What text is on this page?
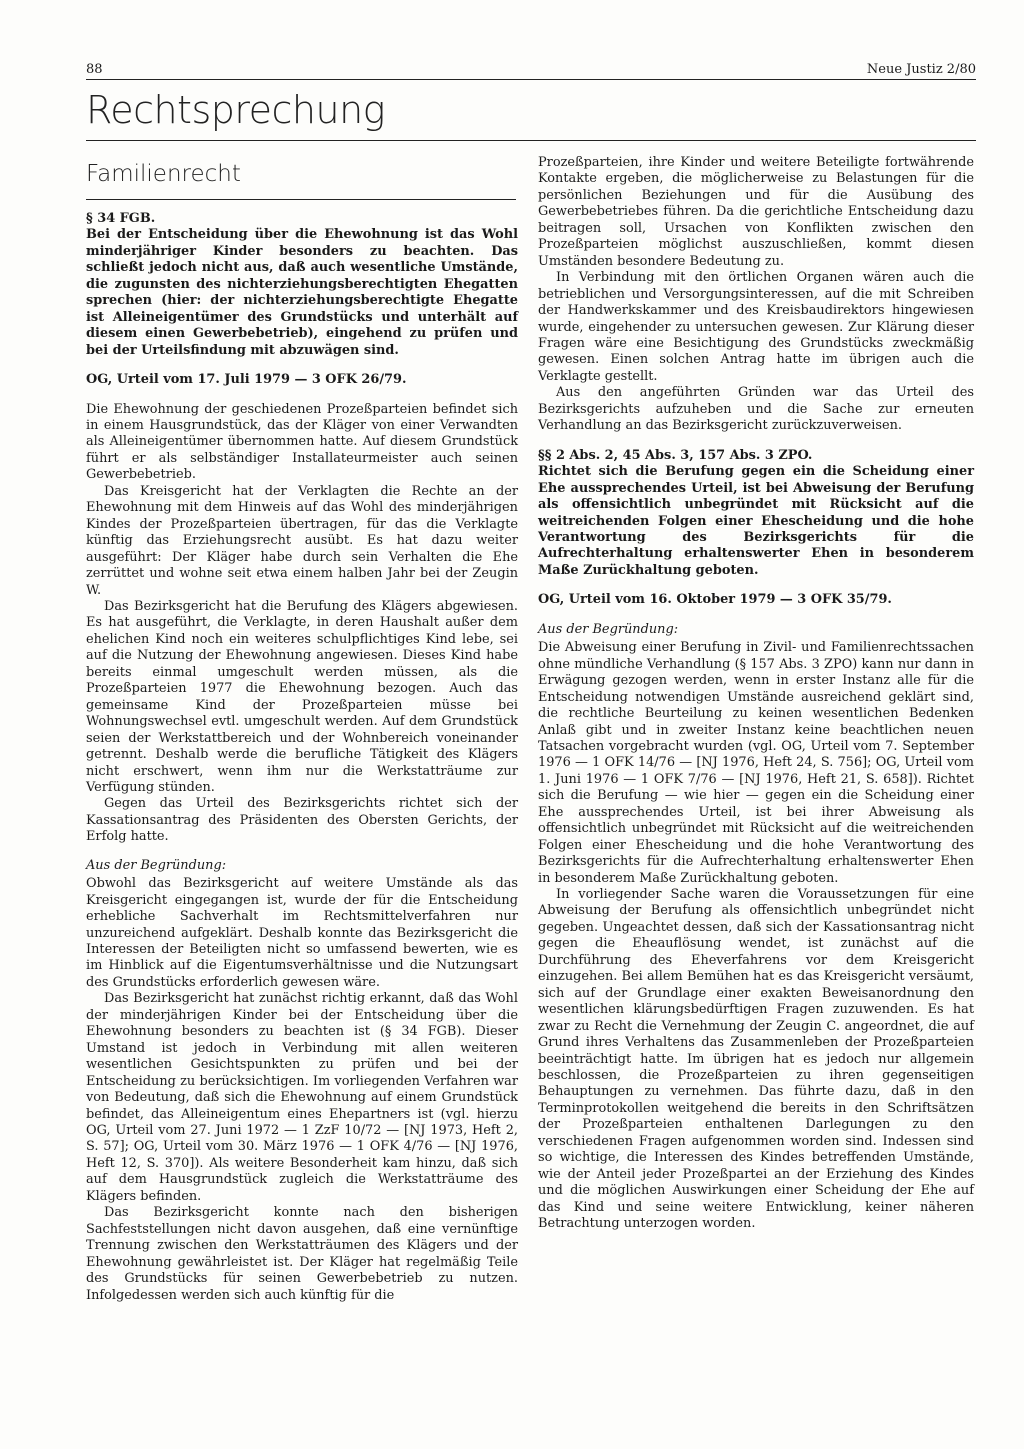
88	Neue Justiz 2/80
Rechtsprechung
Familienrecht

§ 34 FGB.

Bei der Entscheidung über die Ehewohnung ist das Wohl minderjähriger Kinder besonders zu beachten. Das schließt jedoch nicht aus, daß auch wesentliche Umstände, die zugunsten des nichterziehungsberechtigten Ehegatten sprechen (hier: der nichterziehungsberechtigte Ehegatte ist Alleineigentümer des Grundstücks und unterhält auf diesem einen Gewerbebetrieb), eingehend zu prüfen und bei der Urteilsfindung mit abzuwägen sind.

OG, Urteil vom 17. Juli 1979 — 3 OFK 26/79.

Die Ehewohnung der geschiedenen Prozeßparteien befindet sich in einem Hausgrundstück, das der Kläger von einer Verwandten als Alleineigentümer übernommen hatte. Auf diesem Grundstück führt er als selbständiger Installateurmeister auch seinen Gewerbebetrieb.

Das Kreisgericht hat der Verklagten die Rechte an der Ehewohnung mit dem Hinweis auf das Wohl des minderjährigen Kindes der Prozeßparteien übertragen, für das die Verklagte künftig das Erziehungsrecht ausübt. Es hat dazu weiter ausgeführt: Der Kläger habe durch sein Verhalten die Ehe zerrüttet und wohne seit etwa einem halben Jahr bei der Zeugin W.

Das Bezirksgericht hat die Berufung des Klägers abgewiesen. Es hat ausgeführt, die Verklagte, in deren Haushalt außer dem ehelichen Kind noch ein weiteres schulpflichtiges Kind lebe, sei auf die Nutzung der Ehewohnung angewiesen. Dieses Kind habe bereits einmal umgeschult werden müssen, als die Prozeßparteien 1977 die Ehewohnung bezogen. Auch das gemeinsame Kind der Prozeßparteien müsse bei Wohnungswechsel evtl. umgeschult werden. Auf dem Grundstück seien der Werkstattbereich und der Wohnbereich voneinander getrennt. Deshalb werde die berufliche Tätigkeit des Klägers nicht erschwert, wenn ihm nur die Werkstatträume zur Verfügung stünden.

Gegen das Urteil des Bezirksgerichts richtet sich der Kassationsantrag des Präsidenten des Obersten Gerichts, der Erfolg hatte.

Aus der Begründung:

Obwohl das Bezirksgericht auf weitere Umstände als das Kreisgericht eingegangen ist, wurde der für die Entscheidung erhebliche Sachverhalt im Rechtsmittelverfahren nur unzureichend aufgeklärt. Deshalb konnte das Bezirksgericht die Interessen der Beteiligten nicht so umfassend bewerten, wie es im Hinblick auf die Eigentumsverhältnisse und die Nutzungsart des Grundstücks erforderlich gewesen wäre.

Das Bezirksgericht hat zunächst richtig erkannt, daß das Wohl der minderjährigen Kinder bei der Entscheidung über die Ehewohnung besonders zu beachten ist (§ 34 FGB). Dieser Umstand ist jedoch in Verbindung mit allen weiteren wesentlichen Gesichtspunkten zu prüfen und bei der Entscheidung zu berücksichtigen. Im vorliegenden Verfahren war von Bedeutung, daß sich die Ehewohnung auf einem Grundstück befindet, das Alleineigentum eines Ehepartners ist (vgl. hierzu OG, Urteil vom 27. Juni 1972 — 1 ZzF 10/72 — [NJ 1973, Heft 2, S. 57]; OG, Urteil vom 30. März 1976 — 1 OFK 4/76 — [NJ 1976, Heft 12, S. 370]). Als weitere Besonderheit kam hinzu, daß sich auf dem Hausgrundstück zugleich die Werkstatträume des Klägers befinden.

Das Bezirksgericht konnte nach den bisherigen Sachfeststellungen nicht davon ausgehen, daß eine vernünftige Trennung zwischen den Werkstatträumen des Klägers und der Ehewohnung gewährleistet ist. Der Kläger hat regelmäßig Teile des Grundstücks für seinen Gewerbebetrieb zu nutzen. Infolgedessen werden sich auch künftig für die

Prozeßparteien, ihre Kinder und weitere Beteiligte fortwährende Kontakte ergeben, die möglicherweise zu Belastungen für die persönlichen Beziehungen und für die Ausübung des Gewerbebetriebes führen. Da die gerichtliche Entscheidung dazu beitragen soll, Ursachen von Konflikten zwischen den Prozeßparteien möglichst auszuschließen, kommt diesen Umständen besondere Bedeutung zu.

In Verbindung mit den örtlichen Organen wären auch die betrieblichen und Versorgungsinteressen, auf die mit Schreiben der Handwerkskammer und des Kreisbaudirektors hingewiesen wurde, eingehender zu untersuchen gewesen. Zur Klärung dieser Fragen wäre eine Besichtigung des Grundstücks zweckmäßig gewesen. Einen solchen Antrag hatte im übrigen auch die Verklagte gestellt.

Aus den angeführten Gründen war das Urteil des Bezirksgerichts aufzuheben und die Sache zur erneuten Verhandlung an das Bezirksgericht zurückzuverweisen.

§§ 2 Abs. 2, 45 Abs. 3, 157 Abs. 3 ZPO.

Richtet sich die Berufung gegen ein die Scheidung einer Ehe aussprechendes Urteil, ist bei Abweisung der Berufung als offensichtlich unbegründet mit Rücksicht auf die weitreichenden Folgen einer Ehescheidung und die hohe Verantwortung des Bezirksgerichts für die Aufrechterhaltung erhaltenswerter Ehen in besonderem Maße Zurückhaltung geboten.

OG, Urteil vom 16. Oktober 1979 — 3 OFK 35/79.

Aus der Begründung:

Die Abweisung einer Berufung in Zivil- und Familienrechtssachen ohne mündliche Verhandlung (§ 157 Abs. 3 ZPO) kann nur dann in Erwägung gezogen werden, wenn in erster Instanz alle für die Entscheidung notwendigen Umstände ausreichend geklärt sind, die rechtliche Beurteilung zu keinen wesentlichen Bedenken Anlaß gibt und in zweiter Instanz keine beachtlichen neuen Tatsachen vorgebracht wurden (vgl. OG, Urteil vom 7. September 1976 — 1 OFK 14/76 — [NJ 1976, Heft 24, S. 756]; OG, Urteil vom 1. Juni 1976 — 1 OFK 7/76 — [NJ 1976, Heft 21, S. 658]). Richtet sich die Berufung — wie hier — gegen ein die Scheidung einer Ehe aussprechendes Urteil, ist bei ihrer Abweisung als offensichtlich unbegründet mit Rücksicht auf die weitreichenden Folgen einer Ehescheidung und die hohe Verantwortung des Bezirksgerichts für die Aufrechterhaltung erhaltenswerter Ehen in besonderem Maße Zurückhaltung geboten.

In vorliegender Sache waren die Voraussetzungen für eine Abweisung der Berufung als offensichtlich unbegründet nicht gegeben. Ungeachtet dessen, daß sich der Kassationsantrag nicht gegen die Eheauflösung wendet, ist zunächst auf die Durchführung des Eheverfahrens vor dem Kreisgericht einzugehen. Bei allem Bemühen hat es das Kreisgericht versäumt, sich auf der Grundlage einer exakten Beweisanordnung den wesentlichen klärungsbedürftigen Fragen zuzuwenden. Es hat zwar zu Recht die Vernehmung der Zeugin C. angeordnet, die auf Grund ihres Verhaltens das Zusammenleben der Prozeßparteien beeinträchtigt hatte. Im übrigen hat es jedoch nur allgemein beschlossen, die Prozeßparteien zu ihren gegenseitigen Behauptungen zu vernehmen. Das führte dazu, daß in den Terminprotokollen weitgehend die bereits in den Schriftsätzen der Prozeßparteien enthaltenen Darlegungen zu den verschiedenen Fragen aufgenommen worden sind. Indessen sind so wichtige, die Interessen des Kindes betreffenden Umstände, wie der Anteil jeder Prozeßpartei an der Erziehung des Kindes und die möglichen Auswirkungen einer Scheidung der Ehe auf das Kind und seine weitere Entwicklung, keiner näheren Betrachtung unterzogen worden.
